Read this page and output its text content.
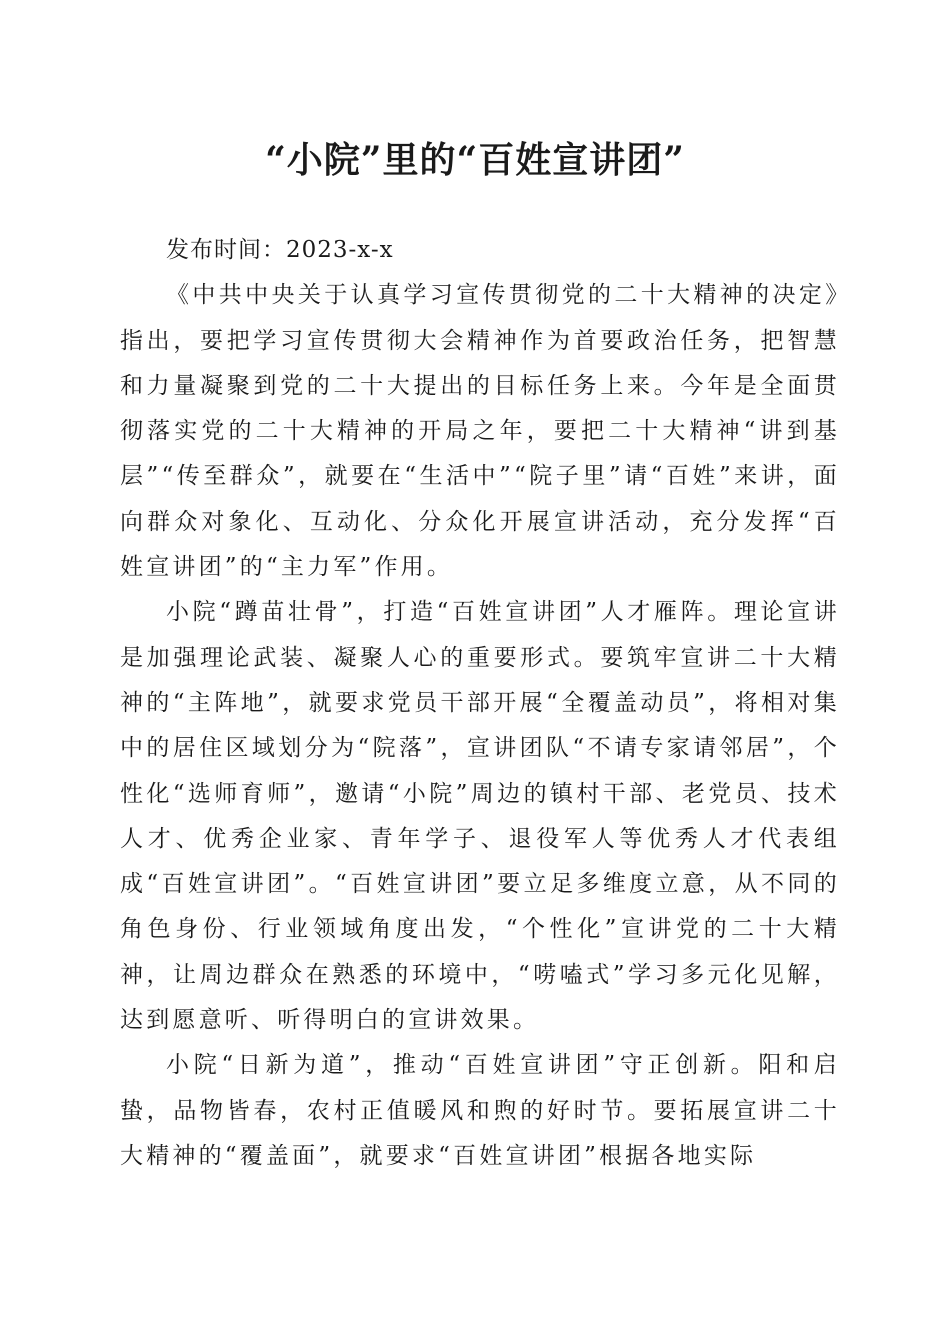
“小院”里的“百姓宣讲团”

发布时间：2023-x-x

《中共中央关于认真学习宣传贯彻党的二十大精神的决定》指出，要把学习宣传贯彻大会精神作为首要政治任务，把智慧和力量凝聚到党的二十大提出的目标任务上来。今年是全面贯彻落实党的二十大精神的开局之年，要把二十大精神“讲到基层”“传至群众”，就要在“生活中”“院子里”请“百姓”来讲，面向群众对象化、互动化、分众化开展宣讲活动，充分发挥“百姓宣讲团”的“主力军”作用。

小院“蹲苗壮骨”，打造“百姓宣讲团”人才雁阵。理论宣讲是加强理论武装、凝聚人心的重要形式。要筑牢宣讲二十大精神的“主阵地”，就要求党员干部开展“全覆盖动员”，将相对集中的居住区域划分为“院落”，宣讲团队“不请专家请邻居”，个性化“选师育师”，邀请“小院”周边的镇村干部、老党员、技术人才、优秀企业家、青年学子、退役军人等优秀人才代表组成“百姓宣讲团”。“百姓宣讲团”要立足多维度立意，从不同的角色身份、行业领域角度出发，“个性化”宣讲党的二十大精神，让周边群众在熟悉的环境中，“唠嗑式”学习多元化见解，达到愿意听、听得明白的宣讲效果。

小院“日新为道”，推动“百姓宣讲团”守正创新。阳和启蛰，品物皆春，农村正值暖风和煦的好时节。要拓展宣讲二十大精神的“覆盖面”，就要求“百姓宣讲团”根据各地实际
